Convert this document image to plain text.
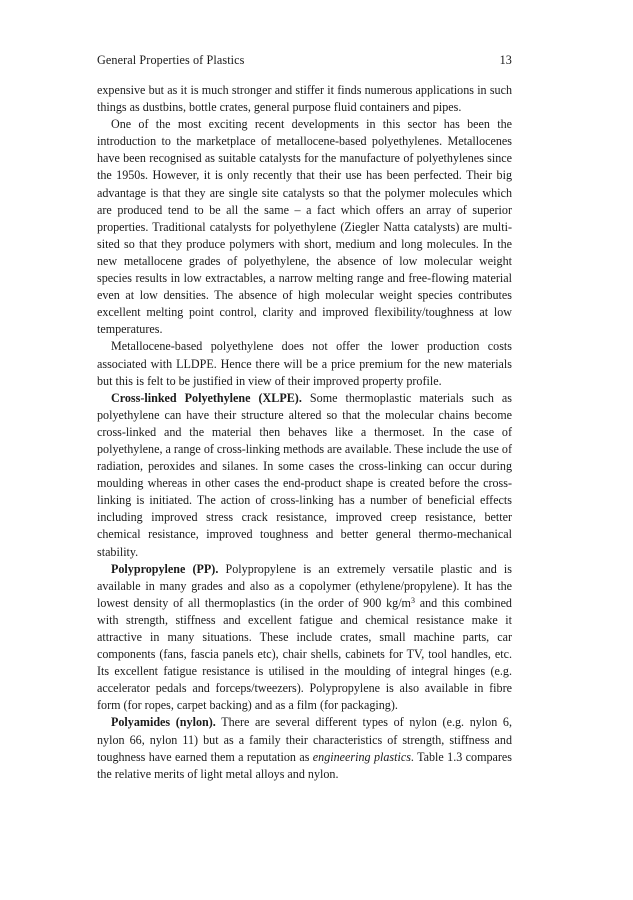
General Properties of Plastics	13

expensive but as it is much stronger and stiffer it finds numerous applications in such things as dustbins, bottle crates, general purpose fluid containers and pipes.

One of the most exciting recent developments in this sector has been the introduction to the marketplace of metallocene-based polyethylenes. Metallocenes have been recognised as suitable catalysts for the manufacture of polyethylenes since the 1950s. However, it is only recently that their use has been perfected. Their big advantage is that they are single site catalysts so that the polymer molecules which are produced tend to be all the same – a fact which offers an array of superior properties. Traditional catalysts for polyethylene (Ziegler Natta catalysts) are multi-sited so that they produce polymers with short, medium and long molecules. In the new metallocene grades of polyethylene, the absence of low molecular weight species results in low extractables, a narrow melting range and free-flowing material even at low densities. The absence of high molecular weight species contributes excellent melting point control, clarity and improved flexibility/toughness at low temperatures.

Metallocene-based polyethylene does not offer the lower production costs associated with LLDPE. Hence there will be a price premium for the new materials but this is felt to be justified in view of their improved property profile.

Cross-linked Polyethylene (XLPE). Some thermoplastic materials such as polyethylene can have their structure altered so that the molecular chains become cross-linked and the material then behaves like a thermoset. In the case of polyethylene, a range of cross-linking methods are available. These include the use of radiation, peroxides and silanes. In some cases the cross-linking can occur during moulding whereas in other cases the end-product shape is created before the cross-linking is initiated. The action of cross-linking has a number of beneficial effects including improved stress crack resistance, improved creep resistance, better chemical resistance, improved toughness and better general thermo-mechanical stability.

Polypropylene (PP). Polypropylene is an extremely versatile plastic and is available in many grades and also as a copolymer (ethylene/propylene). It has the lowest density of all thermoplastics (in the order of 900 $kg/m^3$ and this combined with strength, stiffness and excellent fatigue and chemical resistance make it attractive in many situations. These include crates, small machine parts, car components (fans, fascia panels etc), chair shells, cabinets for TV, tool handles, etc. Its excellent fatigue resistance is utilised in the moulding of integral hinges (e.g. accelerator pedals and forceps/tweezers). Polypropylene is also available in fibre form (for ropes, carpet backing) and as a film (for packaging).

Polyamides (nylon). There are several different types of nylon (e.g. nylon 6, nylon 66, nylon 11) but as a family their characteristics of strength, stiffness and toughness have earned them a reputation as engineering plastics. Table 1.3 compares the relative merits of light metal alloys and nylon.
